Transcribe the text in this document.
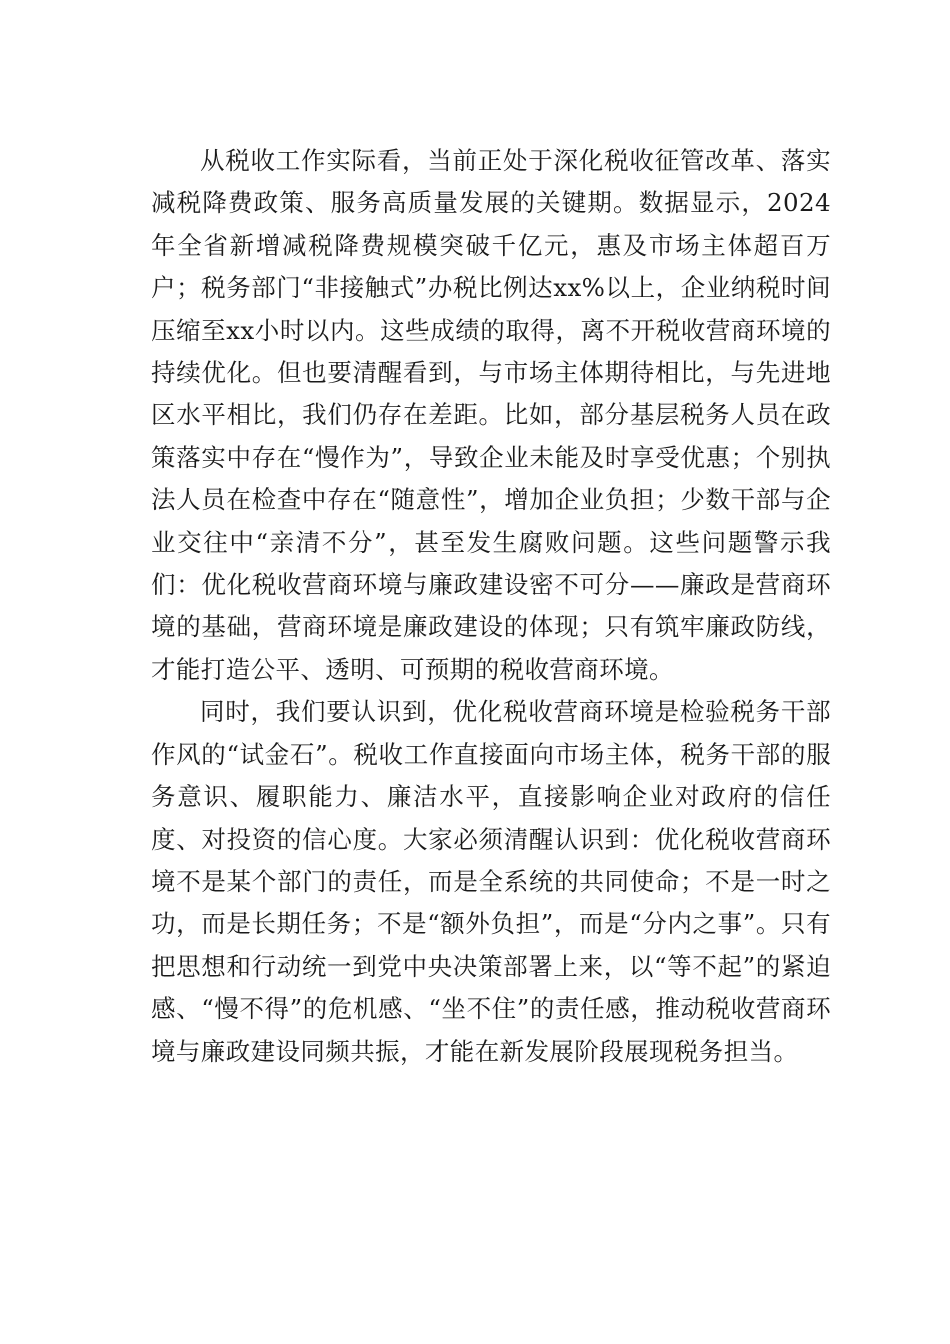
从税收工作实际看，当前正处于深化税收征管改革、落实减税降费政策、服务高质量发展的关键期。数据显示，2024年全省新增减税降费规模突破千亿元，惠及市场主体超百万户；税务部门“非接触式”办税比例达xx%以上，企业纳税时间压缩至xx小时以内。这些成绩的取得，离不开税收营商环境的持续优化。但也要清醒看到，与市场主体期待相比，与先进地区水平相比，我们仍存在差距。比如，部分基层税务人员在政策落实中存在“慢作为”，导致企业未能及时享受优惠；个别执法人员在检查中存在“随意性”，增加企业负担；少数干部与企业交往中“亲清不分”，甚至发生腐败问题。这些问题警示我们：优化税收营商环境与廉政建设密不可分——廉政是营商环境的基础，营商环境是廉政建设的体现；只有筑牢廉政防线，才能打造公平、透明、可预期的税收营商环境。

同时，我们要认识到，优化税收营商环境是检验税务干部作风的“试金石”。税收工作直接面向市场主体，税务干部的服务意识、履职能力、廉洁水平，直接影响企业对政府的信任度、对投资的信心度。大家必须清醒认识到：优化税收营商环境不是某个部门的责任，而是全系统的共同使命；不是一时之功，而是长期任务；不是“额外负担”，而是“分内之事”。只有把思想和行动统一到党中央决策部署上来，以“等不起”的紧迫感、“慢不得”的危机感、“坐不住”的责任感，推动税收营商环境与廉政建设同频共振，才能在新发展阶段展现税务担当。
